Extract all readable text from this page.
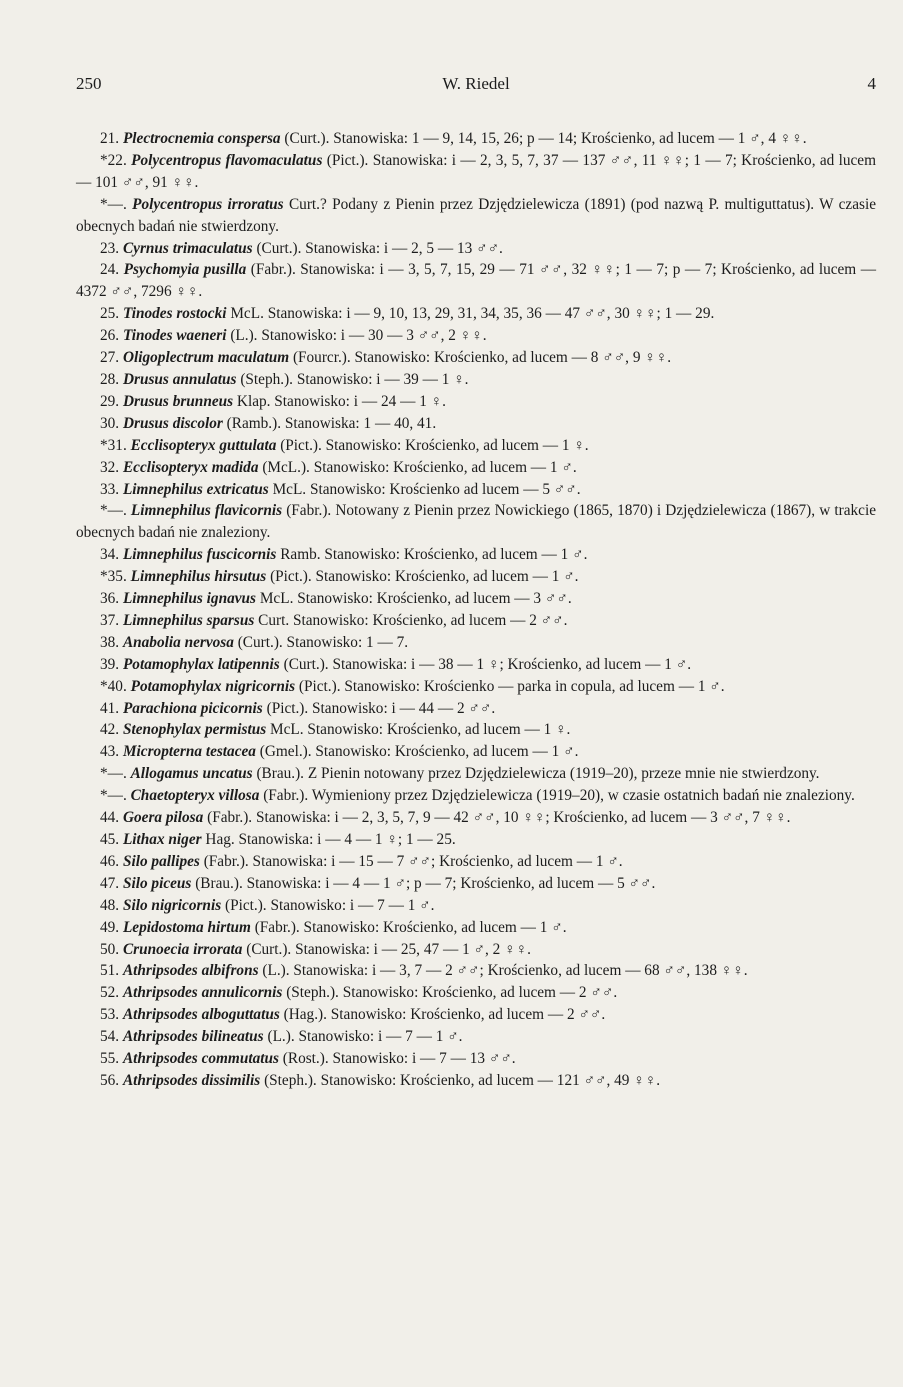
250	W. Riedel	4
21. Plectrocnemia conspersa (Curt.). Stanowiska: 1 — 9, 14, 15, 26; p — 14; Krościenko, ad lucem — 1 ♂, 4 ♀♀.
*22. Polycentropus flavomaculatus (Pict.). Stanowiska: i — 2, 3, 5, 7, 37 — 137 ♂♂, 11 ♀♀; 1 — 7; Krościenko, ad lucem — 101 ♂♂, 91 ♀♀.
*—. Polycentropus irroratus Curt.? Podany z Pienin przez Dzjędzielewicza (1891) (pod nazwą P. multiguttatus). W czasie obecnych badań nie stwierdzony.
23. Cyrnus trimaculatus (Curt.). Stanowiska: i — 2, 5 — 13 ♂♂.
24. Psychomyia pusilla (Fabr.). Stanowiska: i — 3, 5, 7, 15, 29 — 71 ♂♂, 32 ♀♀; 1 — 7; p — 7; Krościenko, ad lucem — 4372 ♂♂, 7296 ♀♀.
25. Tinodes rostocki McL. Stanowiska: i — 9, 10, 13, 29, 31, 34, 35, 36 — 47 ♂♂, 30 ♀♀; 1 — 29.
26. Tinodes waeneri (L.). Stanowisko: i — 30 — 3 ♂♂, 2 ♀♀.
27. Oligoplectrum maculatum (Fourcr.). Stanowisko: Krościenko, ad lucem — 8 ♂♂, 9 ♀♀.
28. Drusus annulatus (Steph.). Stanowisko: i — 39 — 1 ♀.
29. Drusus brunneus Klap. Stanowisko: i — 24 — 1 ♀.
30. Drusus discolor (Ramb.). Stanowiska: 1 — 40, 41.
*31. Ecclisopteryx guttulata (Pict.). Stanowisko: Krościenko, ad lucem — 1 ♀.
32. Ecclisopteryx madida (McL.). Stanowisko: Krościenko, ad lucem — 1 ♂.
33. Limnephilus extricatus McL. Stanowisko: Krościenko ad lucem — 5 ♂♂.
*—. Limnephilus flavicornis (Fabr.). Notowany z Pienin przez Nowickiego (1865, 1870) i Dzjędzielewicza (1867), w trakcie obecnych badań nie znaleziony.
34. Limnephilus fuscicornis Ramb. Stanowisko: Krościenko, ad lucem — 1 ♂.
*35. Limnephilus hirsutus (Pict.). Stanowisko: Krościenko, ad lucem — 1 ♂.
36. Limnephilus ignavus McL. Stanowisko: Krościenko, ad lucem — 3 ♂♂.
37. Limnephilus sparsus Curt. Stanowisko: Krościenko, ad lucem — 2 ♂♂.
38. Anabolia nervosa (Curt.). Stanowisko: 1 — 7.
39. Potamophylax latipennis (Curt.). Stanowiska: i — 38 — 1 ♀; Krościenko, ad lucem — 1 ♂.
*40. Potamophylax nigricornis (Pict.). Stanowisko: Krościenko — parka in copula, ad lucem — 1 ♂.
41. Parachiona picicornis (Pict.). Stanowisko: i — 44 — 2 ♂♂.
42. Stenophylax permistus McL. Stanowisko: Krościenko, ad lucem — 1 ♀.
43. Micropterna testacea (Gmel.). Stanowisko: Krościenko, ad lucem — 1 ♂.
*—. Allogamus uncatus (Brau.). Z Pienin notowany przez Dzjędzielewicza (1919–20), przeze mnie nie stwierdzony.
*—. Chaetopteryx villosa (Fabr.). Wymieniony przez Dzjędzielewicza (1919–20), w czasie ostatnich badań nie znaleziony.
44. Goera pilosa (Fabr.). Stanowiska: i — 2, 3, 5, 7, 9 — 42 ♂♂, 10 ♀♀; Krościenko, ad lucem — 3 ♂♂, 7 ♀♀.
45. Lithax niger Hag. Stanowiska: i — 4 — 1 ♀; 1 — 25.
46. Silo pallipes (Fabr.). Stanowiska: i — 15 — 7 ♂♂; Krościenko, ad lucem — 1 ♂.
47. Silo piceus (Brau.). Stanowiska: i — 4 — 1 ♂; p — 7; Krościenko, ad lucem — 5 ♂♂.
48. Silo nigricornis (Pict.). Stanowisko: i — 7 — 1 ♂.
49. Lepidostoma hirtum (Fabr.). Stanowisko: Krościenko, ad lucem — 1 ♂.
50. Crunoecia irrorata (Curt.). Stanowiska: i — 25, 47 — 1 ♂, 2 ♀♀.
51. Athripsodes albifrons (L.). Stanowiska: i — 3, 7 — 2 ♂♂; Krościenko, ad lucem — 68 ♂♂, 138 ♀♀.
52. Athripsodes annulicornis (Steph.). Stanowisko: Krościenko, ad lucem — 2 ♂♂.
53. Athripsodes alboguttatus (Hag.). Stanowisko: Krościenko, ad lucem — 2 ♂♂.
54. Athripsodes bilineatus (L.). Stanowisko: i — 7 — 1 ♂.
55. Athripsodes commutatus (Rost.). Stanowisko: i — 7 — 13 ♂♂.
56. Athripsodes dissimilis (Steph.). Stanowisko: Krościenko, ad lucem — 121 ♂♂, 49 ♀♀.
